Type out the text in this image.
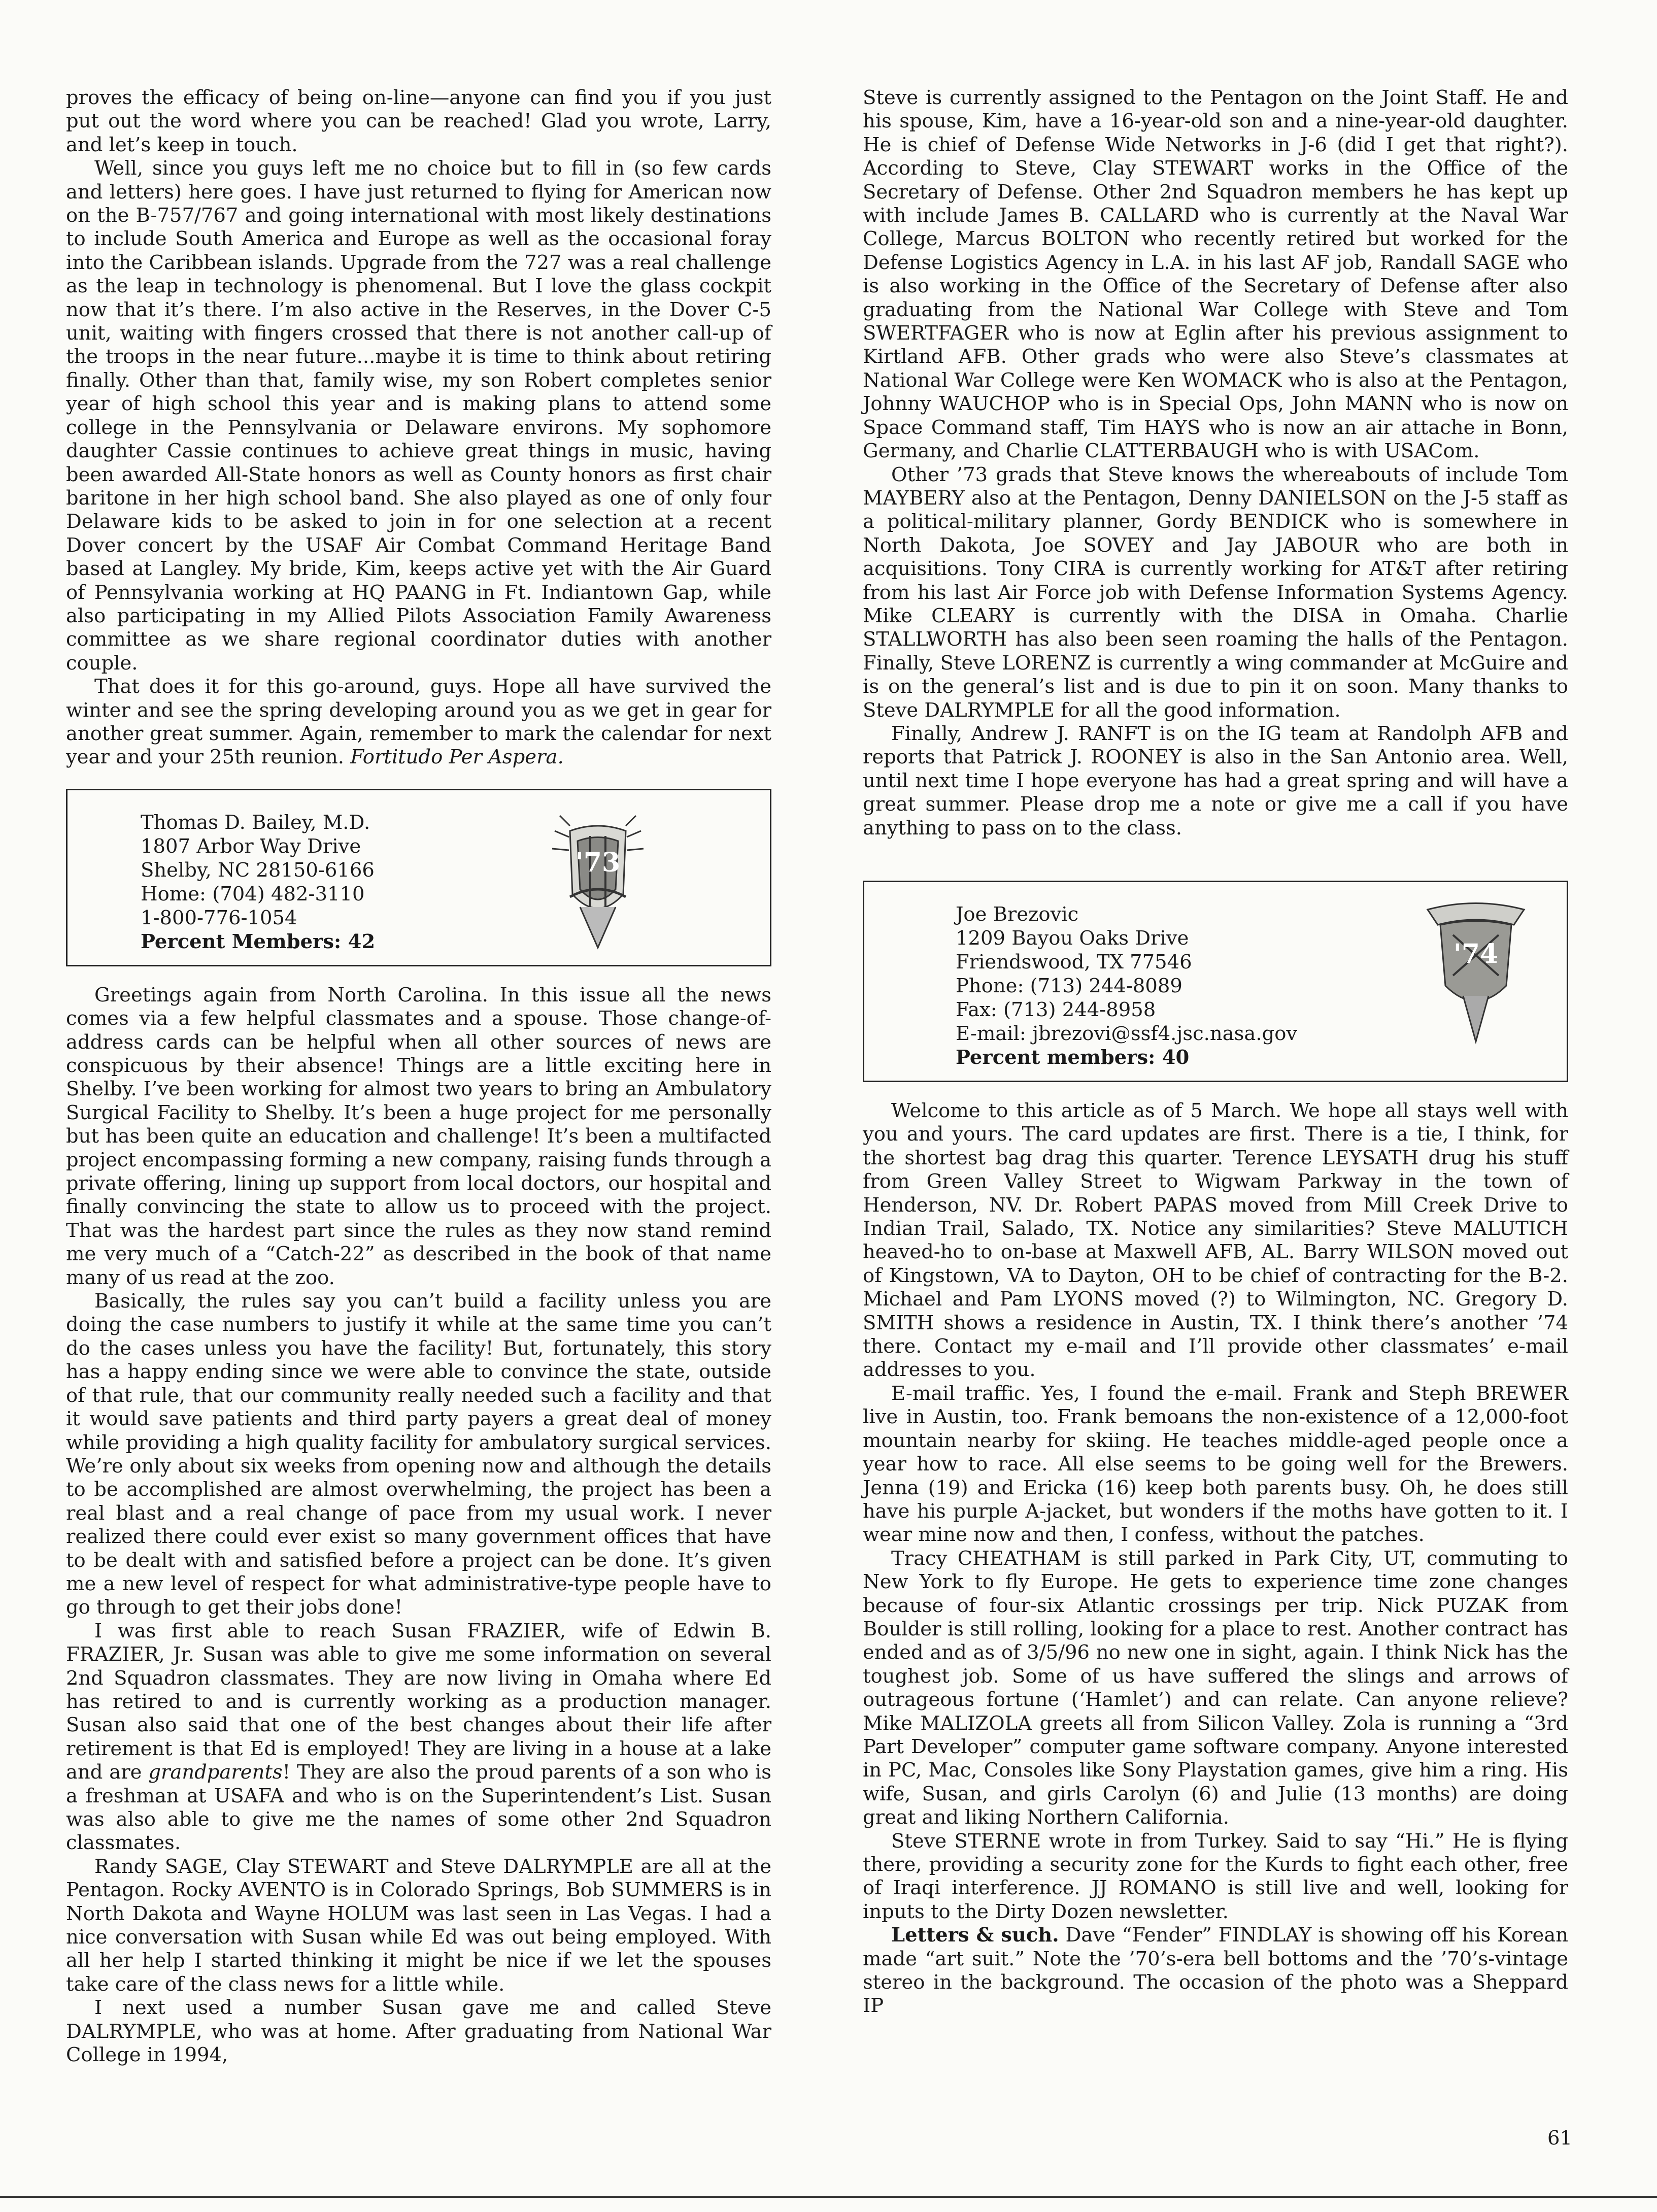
proves the efficacy of being on-line—anyone can find you if you just put out the word where you can be reached! Glad you wrote, Larry, and let’s keep in touch.

Well, since you guys left me no choice but to fill in (so few cards and letters) here goes. I have just returned to flying for American now on the B-757/767 and going international with most likely destinations to include South America and Europe as well as the occasional foray into the Caribbean islands. Upgrade from the 727 was a real challenge as the leap in technology is phenomenal. But I love the glass cockpit now that it’s there. I’m also active in the Reserves, in the Dover C-5 unit, waiting with fingers crossed that there is not another call-up of the troops in the near future...maybe it is time to think about retiring finally. Other than that, family wise, my son Robert completes senior year of high school this year and is making plans to attend some college in the Pennsylvania or Delaware environs. My sophomore daughter Cassie continues to achieve great things in music, having been awarded All-State honors as well as County honors as first chair baritone in her high school band. She also played as one of only four Delaware kids to be asked to join in for one selection at a recent Dover concert by the USAF Air Combat Command Heritage Band based at Langley. My bride, Kim, keeps active yet with the Air Guard of Pennsylvania working at HQ PAANG in Ft. Indiantown Gap, while also participating in my Allied Pilots Association Family Awareness committee as we share regional coordinator duties with another couple.

That does it for this go-around, guys. Hope all have survived the winter and see the spring developing around you as we get in gear for another great summer. Again, remember to mark the calendar for next year and your 25th reunion. Fortitudo Per Aspera.

Thomas D. Bailey, M.D.
1807 Arbor Way Drive
Shelby, NC 28150-6166
Home: (704) 482-3110
1-800-776-1054
Percent Members: 42
'73

Greetings again from North Carolina. In this issue all the news comes via a few helpful classmates and a spouse. Those change-of-address cards can be helpful when all other sources of news are conspicuous by their absence! Things are a little exciting here in Shelby. I’ve been working for almost two years to bring an Ambulatory Surgical Facility to Shelby. It’s been a huge project for me personally but has been quite an education and challenge! It’s been a multifacted project encompassing forming a new company, raising funds through a private offering, lining up support from local doctors, our hospital and finally convincing the state to allow us to proceed with the project. That was the hardest part since the rules as they now stand remind me very much of a “Catch-22” as described in the book of that name many of us read at the zoo.

Basically, the rules say you can’t build a facility unless you are doing the case numbers to justify it while at the same time you can’t do the cases unless you have the facility! But, fortunately, this story has a happy ending since we were able to convince the state, outside of that rule, that our community really needed such a facility and that it would save patients and third party payers a great deal of money while providing a high quality facility for ambulatory surgical services. We’re only about six weeks from opening now and although the details to be accomplished are almost overwhelming, the project has been a real blast and a real change of pace from my usual work. I never realized there could ever exist so many government offices that have to be dealt with and satisfied before a project can be done. It’s given me a new level of respect for what administrative-type people have to go through to get their jobs done!

I was first able to reach Susan FRAZIER, wife of Edwin B. FRAZIER, Jr. Susan was able to give me some information on several 2nd Squadron classmates. They are now living in Omaha where Ed has retired to and is currently working as a production manager. Susan also said that one of the best changes about their life after retirement is that Ed is employed! They are living in a house at a lake and are grandparents! They are also the proud parents of a son who is a freshman at USAFA and who is on the Superintendent’s List. Susan was also able to give me the names of some other 2nd Squadron classmates.

Randy SAGE, Clay STEWART and Steve DALRYMPLE are all at the Pentagon. Rocky AVENTO is in Colorado Springs, Bob SUMMERS is in North Dakota and Wayne HOLUM was last seen in Las Vegas. I had a nice conversation with Susan while Ed was out being employed. With all her help I started thinking it might be nice if we let the spouses take care of the class news for a little while.

I next used a number Susan gave me and called Steve DALRYMPLE, who was at home. After graduating from National War College in 1994,

Steve is currently assigned to the Pentagon on the Joint Staff. He and his spouse, Kim, have a 16-year-old son and a nine-year-old daughter. He is chief of Defense Wide Networks in J-6 (did I get that right?). According to Steve, Clay STEWART works in the Office of the Secretary of Defense. Other 2nd Squadron members he has kept up with include James B. CALLARD who is currently at the Naval War College, Marcus BOLTON who recently retired but worked for the Defense Logistics Agency in L.A. in his last AF job, Randall SAGE who is also working in the Office of the Secretary of Defense after also graduating from the National War College with Steve and Tom SWERTFAGER who is now at Eglin after his previous assignment to Kirtland AFB. Other grads who were also Steve’s classmates at National War College were Ken WOMACK who is also at the Pentagon, Johnny WAUCHOP who is in Special Ops, John MANN who is now on Space Command staff, Tim HAYS who is now an air attache in Bonn, Germany, and Charlie CLATTERBAUGH who is with USACom.

Other ’73 grads that Steve knows the whereabouts of include Tom MAYBERY also at the Pentagon, Denny DANIELSON on the J-5 staff as a political-military planner, Gordy BENDICK who is somewhere in North Dakota, Joe SOVEY and Jay JABOUR who are both in acquisitions. Tony CIRA is currently working for AT&T after retiring from his last Air Force job with Defense Information Systems Agency. Mike CLEARY is currently with the DISA in Omaha. Charlie STALLWORTH has also been seen roaming the halls of the Pentagon. Finally, Steve LORENZ is currently a wing commander at McGuire and is on the general’s list and is due to pin it on soon. Many thanks to Steve DALRYMPLE for all the good information.

Finally, Andrew J. RANFT is on the IG team at Randolph AFB and reports that Patrick J. ROONEY is also in the San Antonio area. Well, until next time I hope everyone has had a great spring and will have a great summer. Please drop me a note or give me a call if you have anything to pass on to the class.

Joe Brezovic
1209 Bayou Oaks Drive
Friendswood, TX 77546
Phone: (713) 244-8089
Fax: (713) 244-8958
E-mail: jbrezovi@ssf4.jsc.nasa.gov
Percent members: 40
'74

Welcome to this article as of 5 March. We hope all stays well with you and yours. The card updates are first. There is a tie, I think, for the shortest bag drag this quarter. Terence LEYSATH drug his stuff from Green Valley Street to Wigwam Parkway in the town of Henderson, NV. Dr. Robert PAPAS moved from Mill Creek Drive to Indian Trail, Salado, TX. Notice any similarities? Steve MALUTICH heaved-ho to on-base at Maxwell AFB, AL. Barry WILSON moved out of Kingstown, VA to Dayton, OH to be chief of contracting for the B-2. Michael and Pam LYONS moved (?) to Wilmington, NC. Gregory D. SMITH shows a residence in Austin, TX. I think there’s another ’74 there. Contact my e-mail and I’ll provide other classmates’ e-mail addresses to you.

E-mail traffic. Yes, I found the e-mail. Frank and Steph BREWER live in Austin, too. Frank bemoans the non-existence of a 12,000-foot mountain nearby for skiing. He teaches middle-aged people once a year how to race. All else seems to be going well for the Brewers. Jenna (19) and Ericka (16) keep both parents busy. Oh, he does still have his purple A-jacket, but wonders if the moths have gotten to it. I wear mine now and then, I confess, without the patches.

Tracy CHEATHAM is still parked in Park City, UT, commuting to New York to fly Europe. He gets to experience time zone changes because of four-six Atlantic crossings per trip. Nick PUZAK from Boulder is still rolling, looking for a place to rest. Another contract has ended and as of 3/5/96 no new one in sight, again. I think Nick has the toughest job. Some of us have suffered the slings and arrows of outrageous fortune (‘Hamlet’) and can relate. Can anyone relieve? Mike MALIZOLA greets all from Silicon Valley. Zola is running a “3rd Part Developer” computer game software company. Anyone interested in PC, Mac, Consoles like Sony Playstation games, give him a ring. His wife, Susan, and girls Carolyn (6) and Julie (13 months) are doing great and liking Northern California.

Steve STERNE wrote in from Turkey. Said to say “Hi.” He is flying there, providing a security zone for the Kurds to fight each other, free of Iraqi interference. JJ ROMANO is still live and well, looking for inputs to the Dirty Dozen newsletter.

Letters & such. Dave “Fender” FINDLAY is showing off his Korean made “art suit.” Note the ’70’s-era bell bottoms and the ’70’s-vintage stereo in the background. The occasion of the photo was a Sheppard IP

61
